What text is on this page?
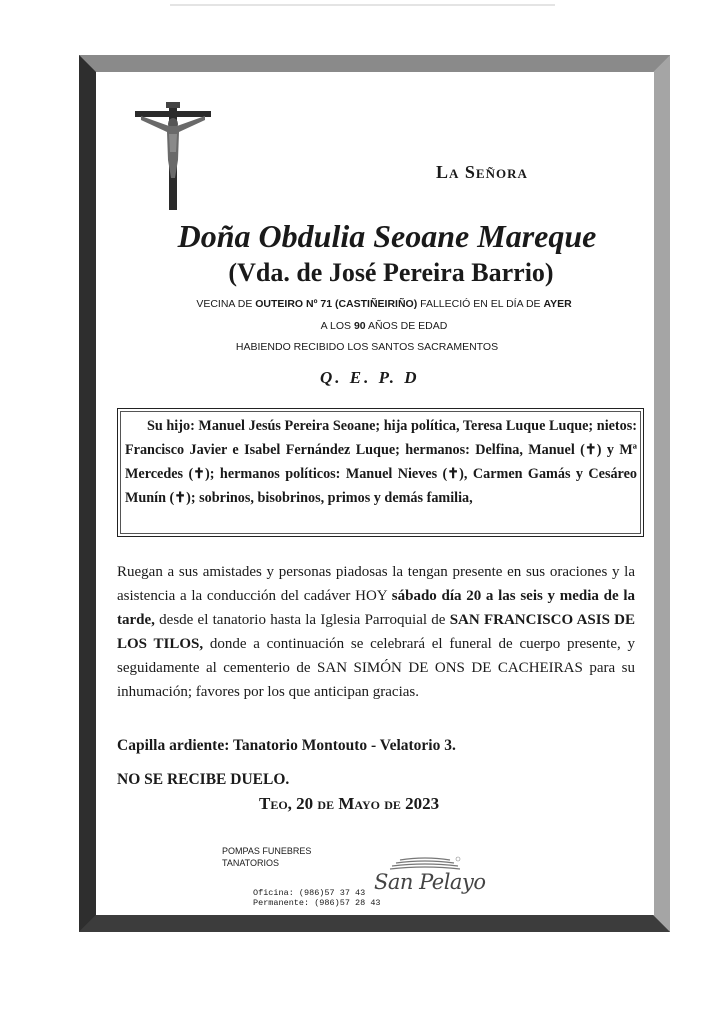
La Señora
Doña Obdulia Seoane Mareque
(Vda. de José Pereira Barrio)
VECINA DE OUTEIRO Nº 71 (CASTIÑEIRIÑO) FALLECIÓ EN EL DÍA DE AYER
A LOS 90 AÑOS DE EDAD
HABIENDO RECIBIDO LOS SANTOS SACRAMENTOS
Q. E. P. D
Su hijo: Manuel Jesús Pereira Seoane; hija política, Teresa Luque Luque; nietos: Francisco Javier e Isabel Fernández Luque; hermanos: Delfina, Manuel (✝) y Mª Mercedes (✝); hermanos políticos: Manuel Nieves (✝), Carmen Gamás y Cesáreo Munín (✝); sobrinos, bisobrinos, primos y demás familia,
Ruegan a sus amistades y personas piadosas la tengan presente en sus oraciones y la asistencia a la conducción del cadáver HOY sábado día 20 a las seis y media de la tarde, desde el tanatorio hasta la Iglesia Parroquial de SAN FRANCISCO ASIS DE LOS TILOS, donde a continuación se celebrará el funeral de cuerpo presente, y seguidamente al cementerio de SAN SIMÓN DE ONS DE CACHEIRAS para su inhumación; favores por los que anticipan gracias.
Capilla ardiente: Tanatorio Montouto - Velatorio 3.
NO SE RECIBE DUELO.
Teo, 20 de Mayo de 2023
POMPAS FUNEBRES
TANATORIOS
Oficina: (986)57 37 43
Permanente: (986)57 28 43
San Pelayo
